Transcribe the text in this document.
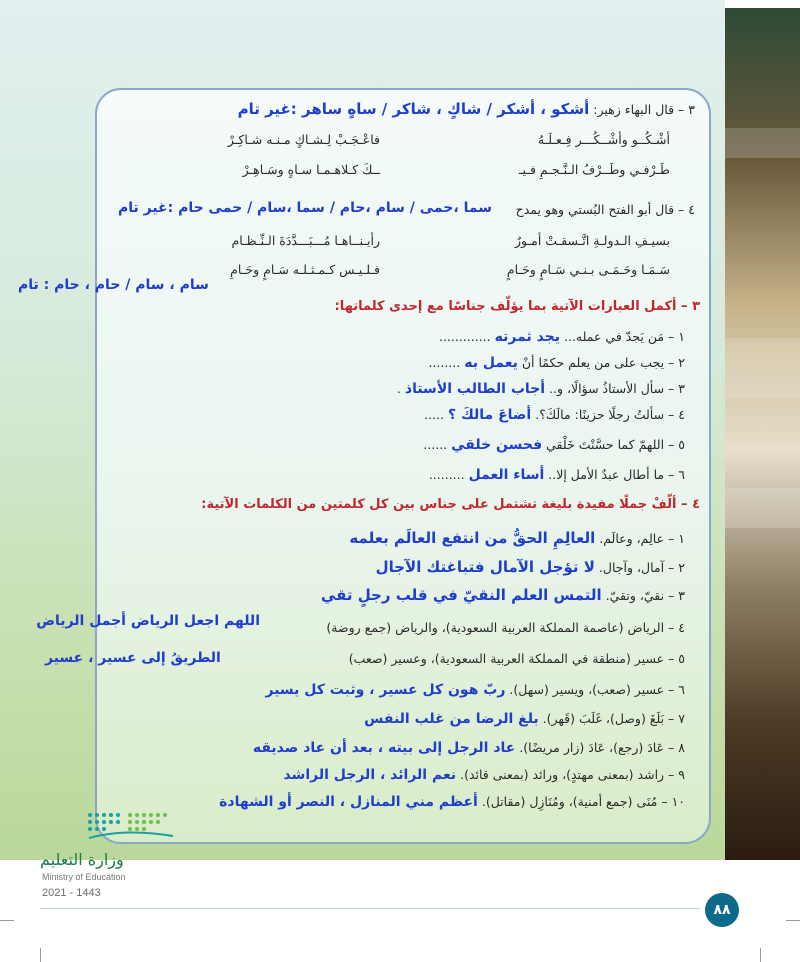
٣ – قال البهاء زهير: أشكو ، أشكر / شاكٍ ، شاكر / ساهٍ ساهر :غير تام
أشْـكُــو وأشْــكُـــر فِـعـلَـهُ
فاعْـجَـبْ لِـشـاكٍ مـنـه شـاكِـرْ
طَـرْفـي وطَــرْفُ الـنَّـجـمِ فـيـ
ــكَ كـلاهـمـا سـاهٍ وسَـاهِـرْ
٤ – قال أبو الفتح البُستي وهو يمدح
سما ،حمى / سام ،حام / سما ،سام / حمى حام :غير تام
بسيـفِ الـدولـةِ اتَّـسقـتْ أمـورٌ
رأيـنــاهـا مُـــبَـــدَّدَةَ الـنِّـظـام
سَـمَـا وحَـمَـى بـنـي سَـامٍ وحَـامٍ
فـلـيـس كـمـثـلـه سَـامٍ وحَـامِ
سام ، سام / حام ، حام : تام
٣ – أكمل العبارات الآتية بما يؤلّف جناسًا مع إحدى كلماتها:
١ – مَن يَجدّ في عمله... يجد ثمرته .............
٢ – يجب على من يعلم حكمًا أنْ يعمل به ........
٣ – سأل الأستاذُ سؤالًا، و.. أجاب الطالب الأستاذ .
٤ – سألتُ رجلًا حزينًا: مالَكَ؟. أضاعَ مالكَ ؟ .....
٥ – اللهمّ كما حسَّنْتَ خَلْقي فحسن خلقي ......
٦ – ما أطال عبدٌ الأمل إلا.. أساء العمل .........
٤ – ألّفْ جملًا مفيدة بليغة تشتمل على جناس بين كل كلمتين من الكلمات الآتية:
١ – عالِم، وعالَم. العالِمِ الحقُّ من انتفع العالَم بعلمه
٢ – آمال، وآجال. لا تؤجل الآمال فتباغتك الآجال
٣ – نقيّ، وتقيّ. التمس العلم النقيّ في قلب رجلٍ تقي
٤ – الرياض (عاصمة المملكة العربية السعودية)، والرياض (جمع روضة)
اللهم اجعل الرياض أجمل الرياض
٥ – عسير (منطقة في المملكة العربية السعودية)، وعسير (صعب)
الطريقُ إلى عسير ، عسير
٦ – عسير (صعب)، ويسير (سهل). ربّ هون كل عسير ، وثبت كل يسير
٧ – بَلَغَ (وصل)، غَلَبَ (قَهر). بلغ الرضا من غلب النفس
٨ – عَادَ (رجع)، عَادَ (زار مريضًا). عاد الرجل إلى بيته ، بعد أن عاد صديقه
٩ – راشد (بمعنى مهتدٍ)، ورائد (بمعنى قائد). نعم الرائد ، الرجل الراشد
١٠ – مُنَى (جمع أمنية)، ومُنَازِل (مقاتل). أعظم مني المنازل ، النصر أو الشهادة
وزارة التعليم
Ministry of Education
2021 - 1443
٨٨
